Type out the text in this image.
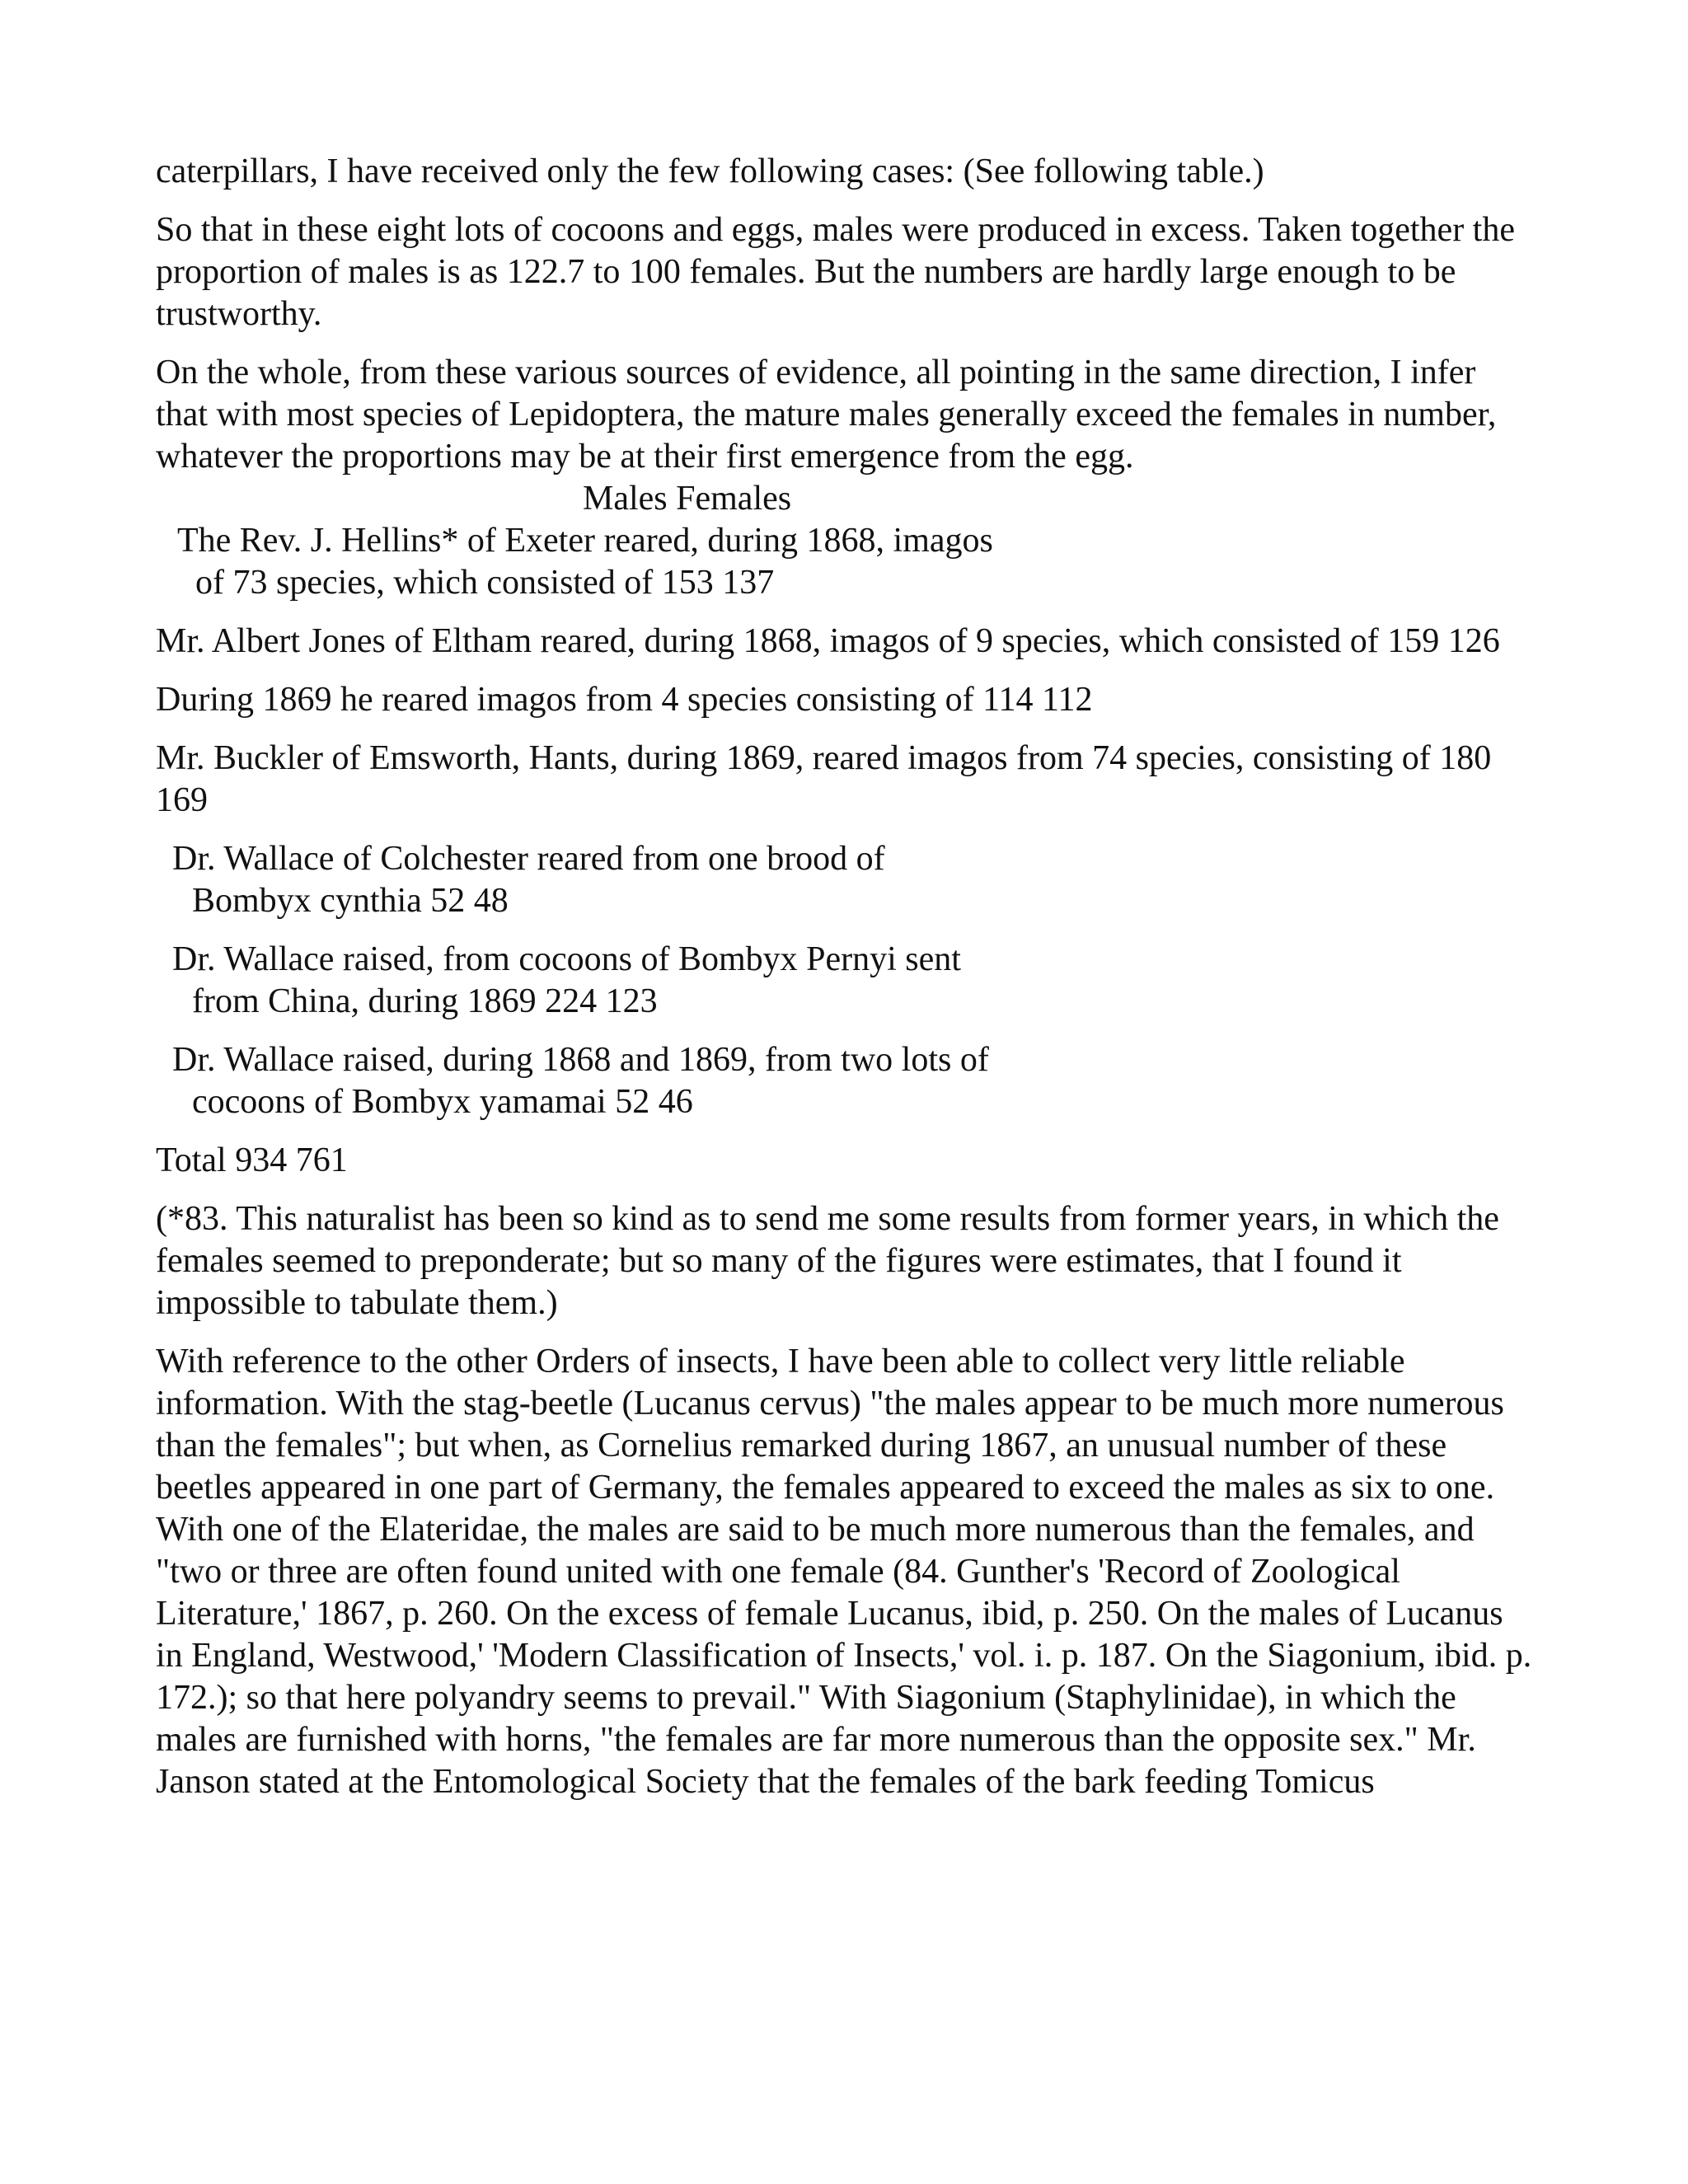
caterpillars, I have received only the few following cases: (See following table.)

So that in these eight lots of cocoons and eggs, males were produced in excess. Taken together the proportion of males is as 122.7 to 100 females. But the numbers are hardly large enough to be trustworthy.

On the whole, from these various sources of evidence, all pointing in the same direction, I infer that with most species of Lepidoptera, the mature males generally exceed the females in number, whatever the proportions may be at their first emergence from the egg.

Males Females

The Rev. J. Hellins* of Exeter reared, during 1868, imagos of 73 species, which consisted of 153 137

Mr. Albert Jones of Eltham reared, during 1868, imagos of 9 species, which consisted of 159 126

During 1869 he reared imagos from 4 species consisting of 114 112

Mr. Buckler of Emsworth, Hants, during 1869, reared imagos from 74 species, consisting of 180 169

Dr. Wallace of Colchester reared from one brood of Bombyx cynthia 52 48

Dr. Wallace raised, from cocoons of Bombyx Pernyi sent from China, during 1869 224 123

Dr. Wallace raised, during 1868 and 1869, from two lots of cocoons of Bombyx yamamai 52 46

Total 934 761

(*83. This naturalist has been so kind as to send me some results from former years, in which the females seemed to preponderate; but so many of the figures were estimates, that I found it impossible to tabulate them.)

With reference to the other Orders of insects, I have been able to collect very little reliable information. With the stag-beetle (Lucanus cervus) "the males appear to be much more numerous than the females"; but when, as Cornelius remarked during 1867, an unusual number of these beetles appeared in one part of Germany, the females appeared to exceed the males as six to one. With one of the Elateridae, the males are said to be much more numerous than the females, and "two or three are often found united with one female (84. Gunther's 'Record of Zoological Literature,' 1867, p. 260. On the excess of female Lucanus, ibid, p. 250. On the males of Lucanus in England, Westwood,' 'Modern Classification of Insects,' vol. i. p. 187. On the Siagonium, ibid. p. 172.); so that here polyandry seems to prevail." With Siagonium (Staphylinidae), in which the males are furnished with horns, "the females are far more numerous than the opposite sex." Mr. Janson stated at the Entomological Society that the females of the bark feeding Tomicus
